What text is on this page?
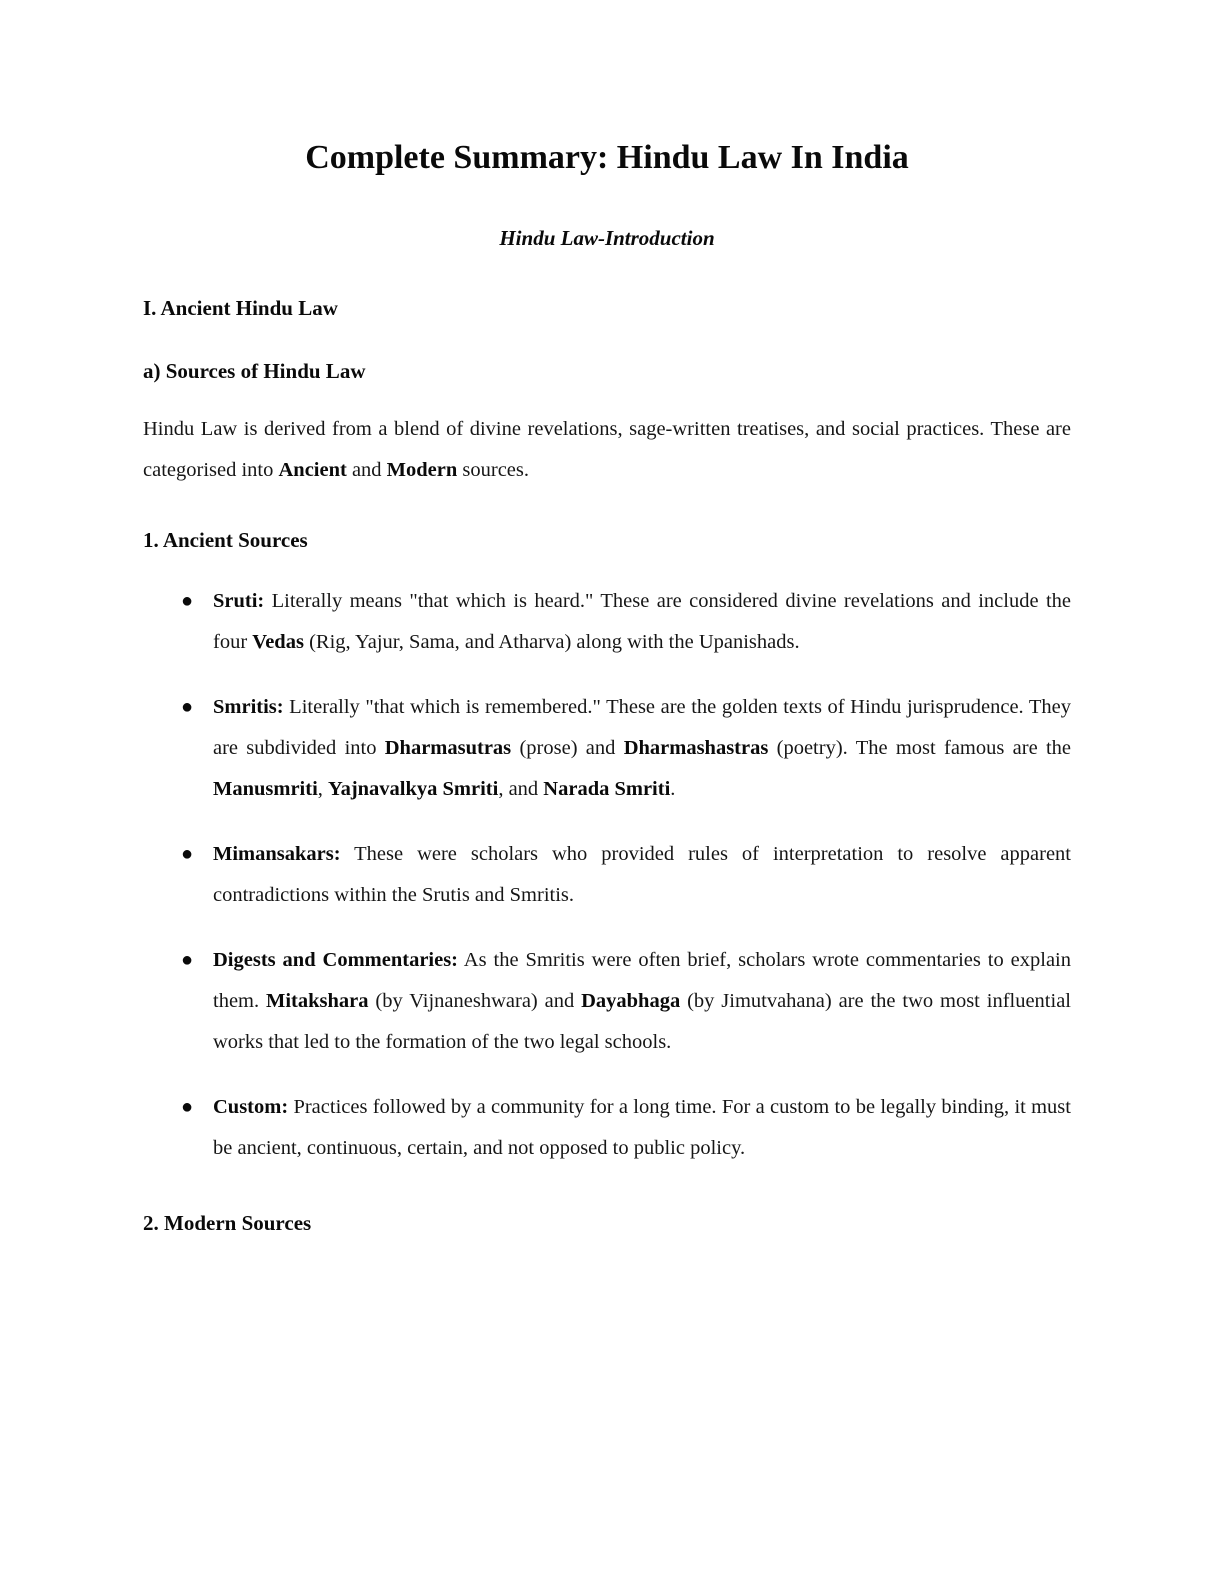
Complete Summary: Hindu Law In India

Hindu Law-Introduction

I. Ancient Hindu Law
a) Sources of Hindu Law

Hindu Law is derived from a blend of divine revelations, sage-written treatises, and social practices. These are categorised into Ancient and Modern sources.

1. Ancient Sources
● Sruti: Literally means "that which is heard." These are considered divine revelations and include the four Vedas (Rig, Yajur, Sama, and Atharva) along with the Upanishads.
● Smritis: Literally "that which is remembered." These are the golden texts of Hindu jurisprudence. They are subdivided into Dharmasutras (prose) and Dharmashastras (poetry). The most famous are the Manusmriti, Yajnavalkya Smriti, and Narada Smriti.
● Mimansakars: These were scholars who provided rules of interpretation to resolve apparent contradictions within the Srutis and Smritis.
● Digests and Commentaries: As the Smritis were often brief, scholars wrote commentaries to explain them. Mitakshara (by Vijnaneshwara) and Dayabhaga (by Jimutvahana) are the two most influential works that led to the formation of the two legal schools.
● Custom: Practices followed by a community for a long time. For a custom to be legally binding, it must be ancient, continuous, certain, and not opposed to public policy.
2. Modern Sources
